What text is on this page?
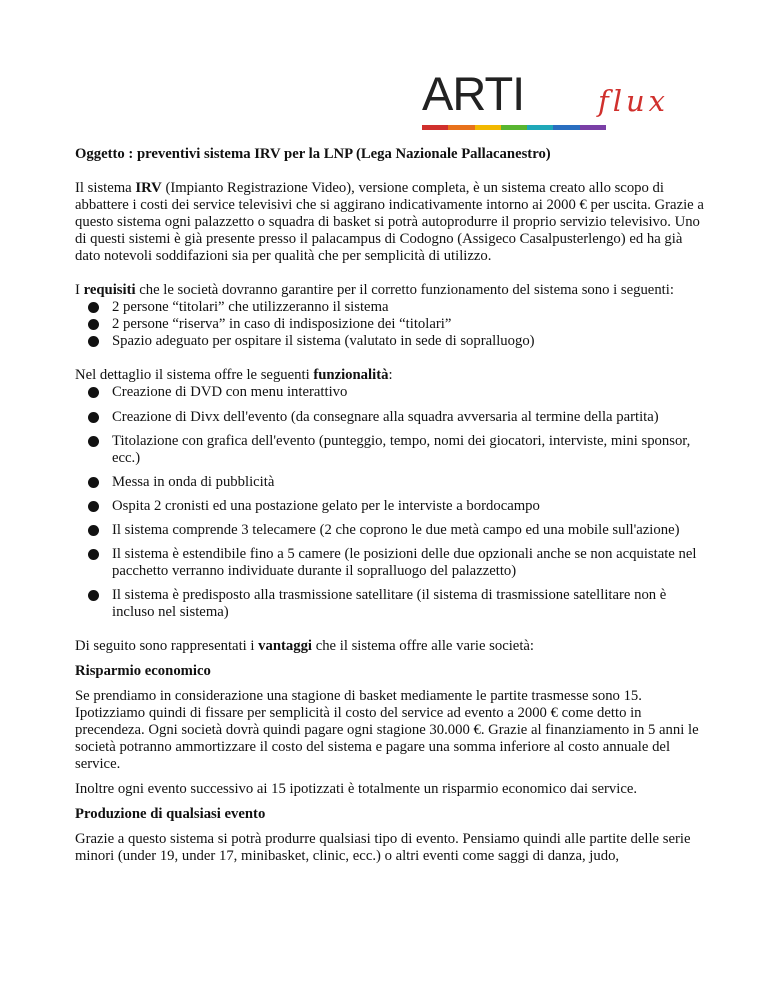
ARTI	flux

Oggetto : preventivi sistema IRV per la LNP (Lega Nazionale Pallacanestro)

Il sistema IRV (Impianto Registrazione Video), versione completa, è un sistema creato allo scopo di abbattere i costi dei service televisivi che si aggirano indicativamente intorno ai 2000 € per uscita. Grazie a questo sistema ogni palazzetto o squadra di basket si potrà autoprodurre il proprio servizio televisivo. Uno di questi sistemi è già presente presso il palacampus di Codogno (Assigeco Casalpusterlengo) ed ha già dato notevoli soddifazioni sia per qualità che per semplicità di utilizzo.

I requisiti che le società dovranno garantire per il corretto funzionamento del sistema sono i seguenti:

2 persone “titolari” che utilizzeranno il sistema
2 persone “riserva” in caso di indisposizione dei “titolari”
Spazio adeguato per ospitare il sistema (valutato in sede di sopralluogo)

Nel dettaglio il sistema offre le seguenti funzionalità:

Creazione di DVD con menu interattivo
Creazione di Divx dell'evento (da consegnare alla squadra avversaria al termine della partita)
Titolazione con grafica dell'evento (punteggio, tempo, nomi dei giocatori, interviste, mini sponsor, ecc.)
Messa in onda di pubblicità
Ospita 2 cronisti ed una postazione gelato per le interviste a bordocampo
Il sistema comprende 3 telecamere (2 che coprono le due metà campo ed una mobile sull'azione)
Il sistema è estendibile fino a 5 camere (le posizioni delle due opzionali anche se non acquistate nel pacchetto verranno individuate durante il sopralluogo del palazzetto)
Il sistema è predisposto alla trasmissione satellitare (il sistema di trasmissione satellitare non è incluso nel sistema)

Di seguito sono rappresentati i vantaggi che il sistema offre alle varie società:

Risparmio economico

Se prendiamo in considerazione una stagione di basket mediamente le partite trasmesse sono 15. Ipotizziamo quindi di fissare per semplicità il costo del service ad evento a 2000 € come detto in precendeza. Ogni società dovrà quindi pagare ogni stagione 30.000 €. Grazie al finanziamento in 5 anni le società potranno ammortizzare il costo del sistema e pagare una somma inferiore al costo annuale del service.

Inoltre ogni evento successivo ai 15 ipotizzati è totalmente un risparmio economico dai service.

Produzione di qualsiasi evento

Grazie a questo sistema si potrà produrre qualsiasi tipo di evento. Pensiamo quindi alle partite delle serie minori (under 19, under 17, minibasket, clinic, ecc.) o altri eventi come saggi di danza, judo,
